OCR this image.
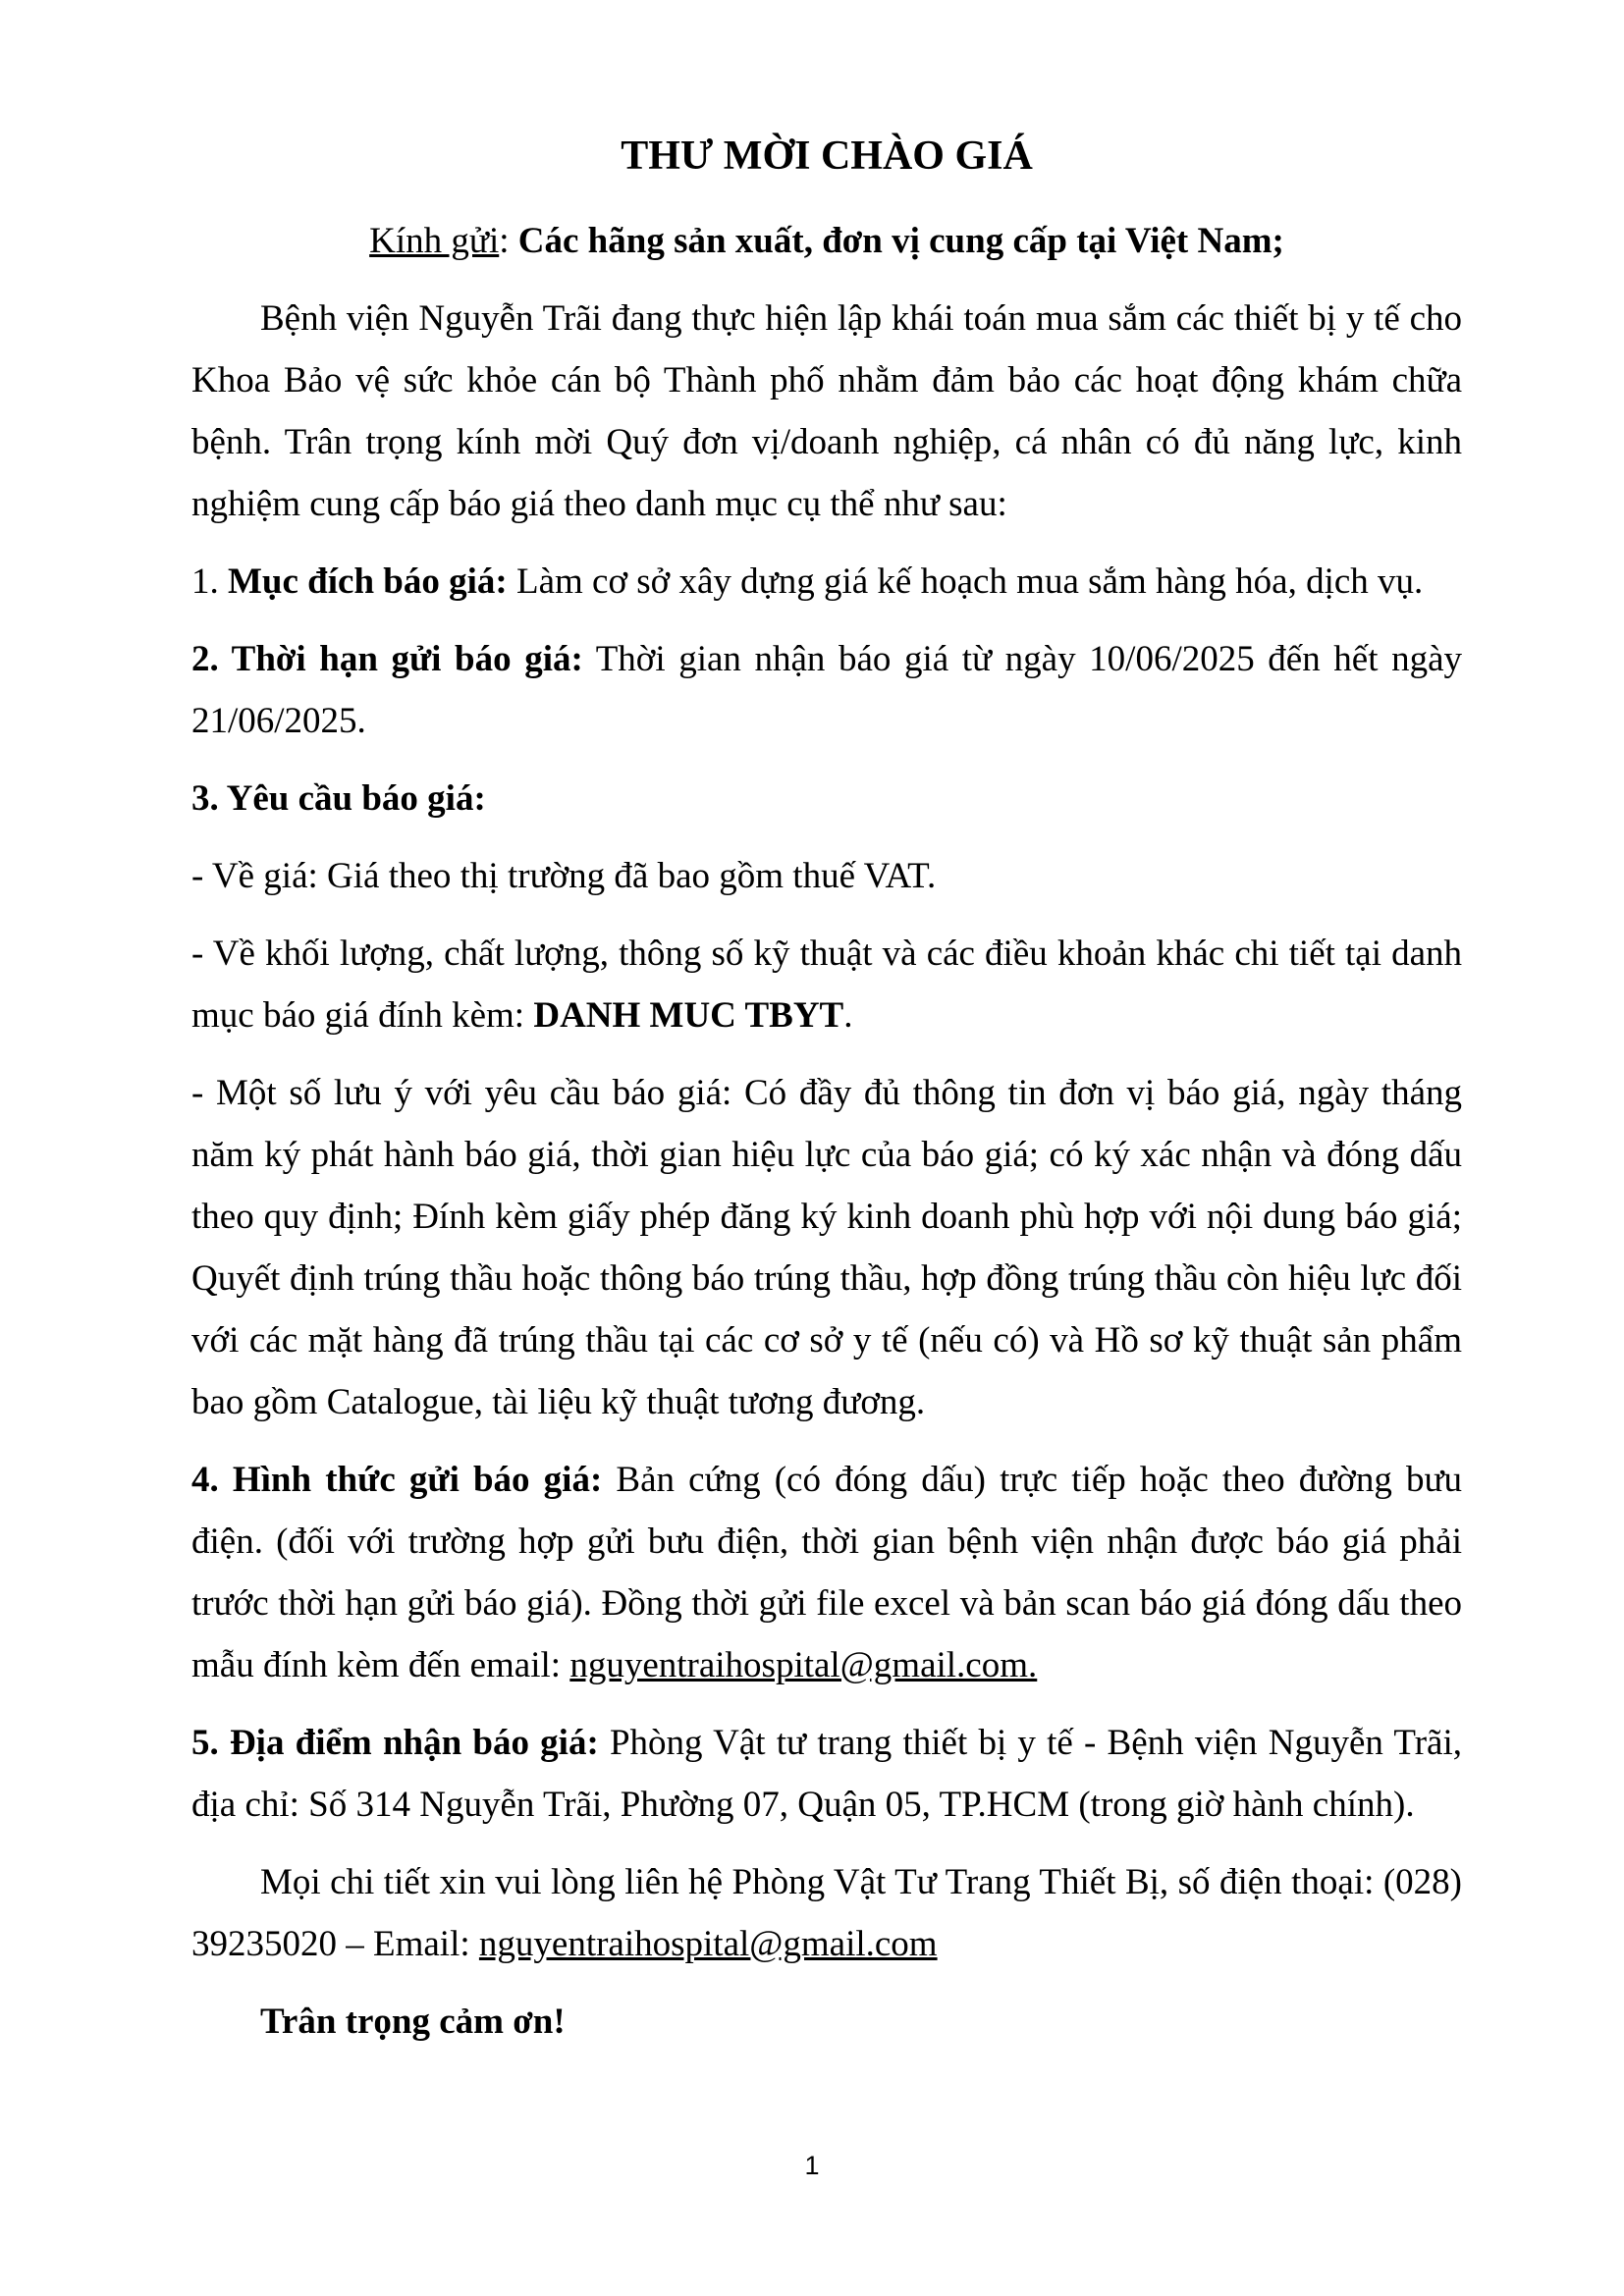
THƯ MỜI CHÀO GIÁ

Kính gửi: Các hãng sản xuất, đơn vị cung cấp tại Việt Nam;

Bệnh viện Nguyễn Trãi đang thực hiện lập khái toán mua sắm các thiết bị y tế cho Khoa Bảo vệ sức khỏe cán bộ Thành phố nhằm đảm bảo các hoạt động khám chữa bệnh. Trân trọng kính mời Quý đơn vị/doanh nghiệp, cá nhân có đủ năng lực, kinh nghiệm cung cấp báo giá theo danh mục cụ thể như sau:

1. Mục đích báo giá: Làm cơ sở xây dựng giá kế hoạch mua sắm hàng hóa, dịch vụ.

2. Thời hạn gửi báo giá: Thời gian nhận báo giá từ ngày 10/06/2025 đến hết ngày 21/06/2025.

3. Yêu cầu báo giá:

- Về giá: Giá theo thị trường đã bao gồm thuế VAT.

- Về khối lượng, chất lượng, thông số kỹ thuật và các điều khoản khác chi tiết tại danh mục báo giá đính kèm: DANH MUC TBYT.

- Một số lưu ý với yêu cầu báo giá: Có đầy đủ thông tin đơn vị báo giá, ngày tháng năm ký phát hành báo giá, thời gian hiệu lực của báo giá; có ký xác nhận và đóng dấu theo quy định; Đính kèm giấy phép đăng ký kinh doanh phù hợp với nội dung báo giá; Quyết định trúng thầu hoặc thông báo trúng thầu, hợp đồng trúng thầu còn hiệu lực đối với các mặt hàng đã trúng thầu tại các cơ sở y tế (nếu có) và Hồ sơ kỹ thuật sản phẩm bao gồm Catalogue, tài liệu kỹ thuật tương đương.

4. Hình thức gửi báo giá: Bản cứng (có đóng dấu) trực tiếp hoặc theo đường bưu điện. (đối với trường hợp gửi bưu điện, thời gian bệnh viện nhận được báo giá phải trước thời hạn gửi báo giá). Đồng thời gửi file excel và bản scan báo giá đóng dấu theo mẫu đính kèm đến email: nguyentraihospital@gmail.com.

5. Địa điểm nhận báo giá: Phòng Vật tư trang thiết bị y tế - Bệnh viện Nguyễn Trãi, địa chỉ: Số 314 Nguyễn Trãi, Phường 07, Quận 05, TP.HCM (trong giờ hành chính).

Mọi chi tiết xin vui lòng liên hệ Phòng Vật Tư Trang Thiết Bị, số điện thoại: (028) 39235020 – Email: nguyentraihospital@gmail.com

Trân trọng cảm ơn!

1
